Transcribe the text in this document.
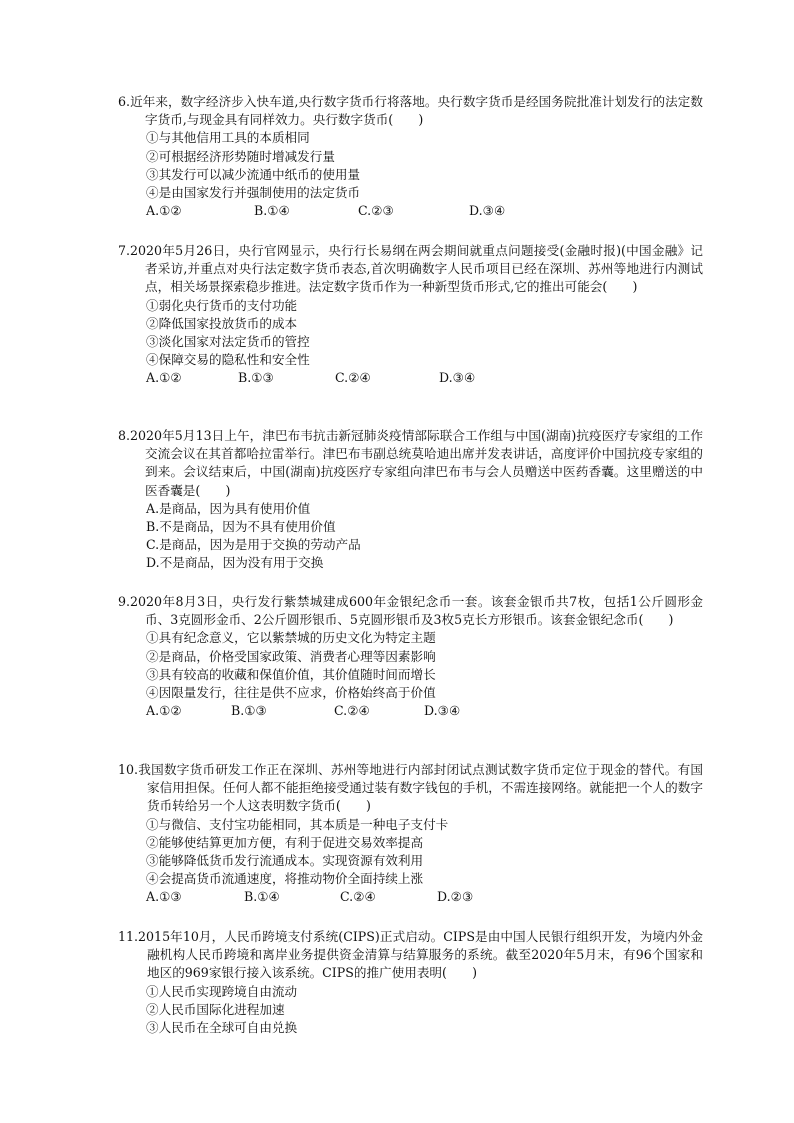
6.近年来，数字经济步入快车道,央行数字货币行将落地。央行数字货币是经国务院批准计划发行的法定数字货币,与现金具有同样效力。央行数字货币(　　)

①与其他信用工具的本质相同
②可根据经济形势随时增减发行量
③其发行可以减少流通中纸币的使用量
④是由国家发行并强制使用的法定货币
A.①②	B.①④	C.②③	D.③④

7.2020年5月26日，央行官网显示，央行行长易纲在两会期间就重点问题接受(金融时报)(中国金融》记者采访,并重点对央行法定数字货币表态,首次明确数字人民币项目已经在深圳、苏州等地进行内测试点，相关场景探索稳步推进。法定数字货币作为一种新型货币形式,它的推出可能会(　　)

①弱化央行货币的支付功能
②降低国家投放货币的成本
③淡化国家对法定货币的管控
④保障交易的隐私性和安全性
A.①②	B.①③	C.②④	D.③④

8.2020年5月13日上午，津巴布韦抗击新冠肺炎疫情部际联合工作组与中国(湖南)抗疫医疗专家组的工作交流会议在其首都哈拉雷举行。津巴布韦副总统莫哈迪出席并发表讲话，高度评价中国抗疫专家组的到来。会议结束后，中国(湖南)抗疫医疗专家组向津巴布韦与会人员赠送中医药香囊。这里赠送的中医香囊是(　　)

A.是商品，因为具有使用价值
B.不是商品，因为不具有使用价值
C.是商品，因为是用于交换的劳动产品
D.不是商品，因为没有用于交换

9.2020年8月3日，央行发行紫禁城建成600年金银纪念币一套。该套金银币共7枚，包括1公斤圆形金币、3克圆形金币、2公斤圆形银币、5克圆形银币及3枚5克长方形银币。该套金银纪念币(　　)

①具有纪念意义，它以紫禁城的历史文化为特定主题
②是商品，价格受国家政策、消费者心理等因素影响
③具有较高的收藏和保值价值，其价值随时间而增长
④因限量发行，往往是供不应求，价格始终高于价值
A.①②	B.①③	C.②④	D.③④

10.我国数字货币研发工作正在深圳、苏州等地进行内部封闭试点测试数字货币定位于现金的替代。有国家信用担保。任何人都不能拒绝接受通过装有数字钱包的手机，不需连接网络。就能把一个人的数字货币转给另一个人这表明数字货币(　　)

①与微信、支付宝功能相同，其本质是一种电子支付卡
②能够使结算更加方便，有利于促进交易效率提高
③能够降低货币发行流通成本。实现资源有效利用
④会提高货币流通速度，将推动物价全面持续上涨
A.①③	B.①④	C.②④	D.②③

11.2015年10月，人民币跨境支付系统(CIPS)正式启动。CIPS是由中国人民银行组织开发，为境内外金融机构人民币跨境和离岸业务提供资金清算与结算服务的系统。截至2020年5月末，有96个国家和地区的969家银行接入该系统。CIPS的推广使用表明(　　)

①人民币实现跨境自由流动
②人民币国际化进程加速
③人民币在全球可自由兑换
